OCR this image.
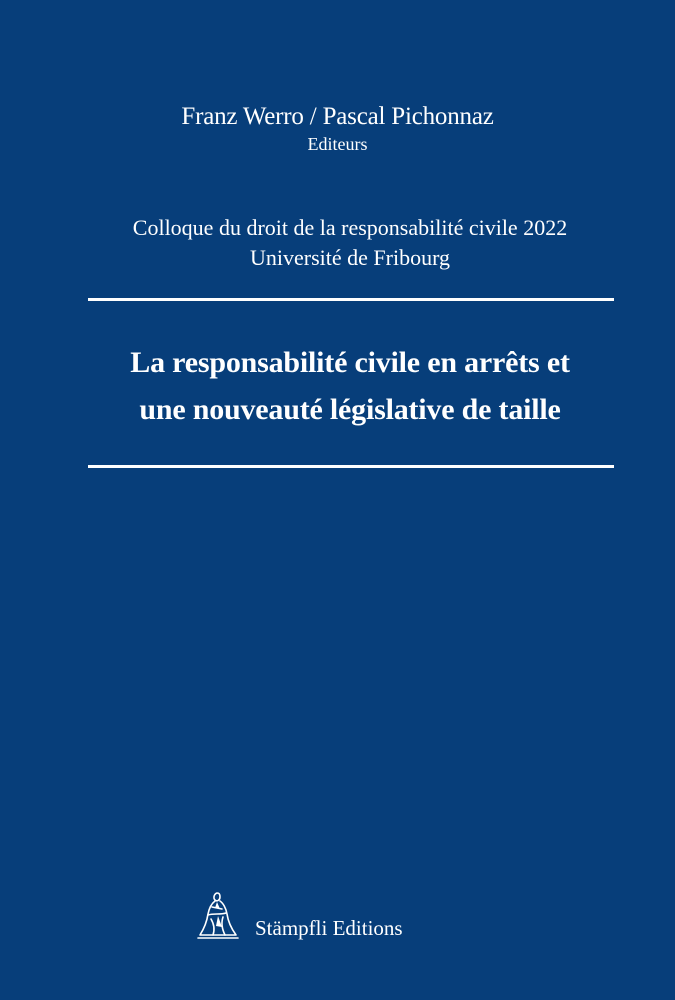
Franz Werro / Pascal Pichonnaz
Editeurs
Colloque du droit de la responsabilité civile 2022
Université de Fribourg
La responsabilité civile en arrêts et
une nouveauté législative de taille
Stämpfli Editions
